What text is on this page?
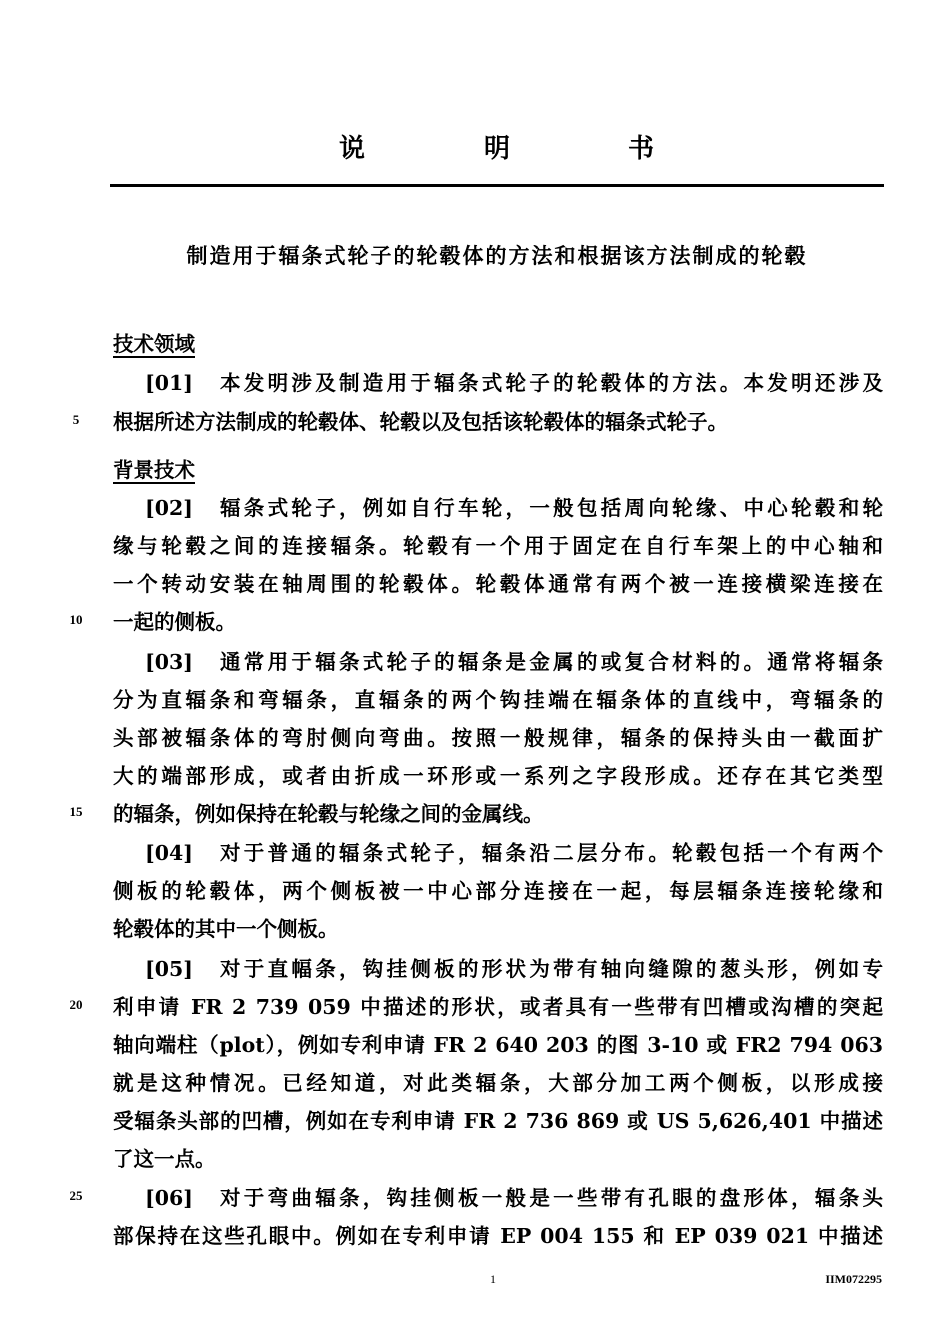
说	明	书
制造用于辐条式轮子的轮毂体的方法和根据该方法制成的轮毂
技术领域
[01]　本发明涉及制造用于辐条式轮子的轮毂体的方法。本发明还涉及
根据所述方法制成的轮毂体、轮毂以及包括该轮毂体的辐条式轮子。
背景技术
[02]　辐条式轮子，例如自行车轮，一般包括周向轮缘、中心轮毂和轮
缘与轮毂之间的连接辐条。轮毂有一个用于固定在自行车架上的中心轴和
一个转动安装在轴周围的轮毂体。轮毂体通常有两个被一连接横梁连接在
一起的侧板。
[03]　通常用于辐条式轮子的辐条是金属的或复合材料的。通常将辐条
分为直辐条和弯辐条，直辐条的两个钩挂端在辐条体的直线中，弯辐条的
头部被辐条体的弯肘侧向弯曲。按照一般规律，辐条的保持头由一截面扩
大的端部形成，或者由折成一环形或一系列之字段形成。还存在其它类型
的辐条，例如保持在轮毂与轮缘之间的金属线。
[04]　对于普通的辐条式轮子，辐条沿二层分布。轮毂包括一个有两个
侧板的轮毂体，两个侧板被一中心部分连接在一起，每层辐条连接轮缘和
轮毂体的其中一个侧板。
[05]　对于直幅条，钩挂侧板的形状为带有轴向缝隙的葱头形，例如专
利申请 FR 2 739 059 中描述的形状，或者具有一些带有凹槽或沟槽的突起
轴向端柱（plot），例如专利申请 FR 2 640 203 的图 3-10 或 FR2 794 063
就是这种情况。已经知道，对此类辐条，大部分加工两个侧板，以形成接
受辐条头部的凹槽，例如在专利申请 FR 2 736 869 或 US 5,626,401 中描述
了这一点。
[06]　对于弯曲辐条，钩挂侧板一般是一些带有孔眼的盘形体，辐条头
部保持在这些孔眼中。例如在专利申请 EP 004 155 和 EP 039 021 中描述
5
10
15
20
25
1	IIM072295
